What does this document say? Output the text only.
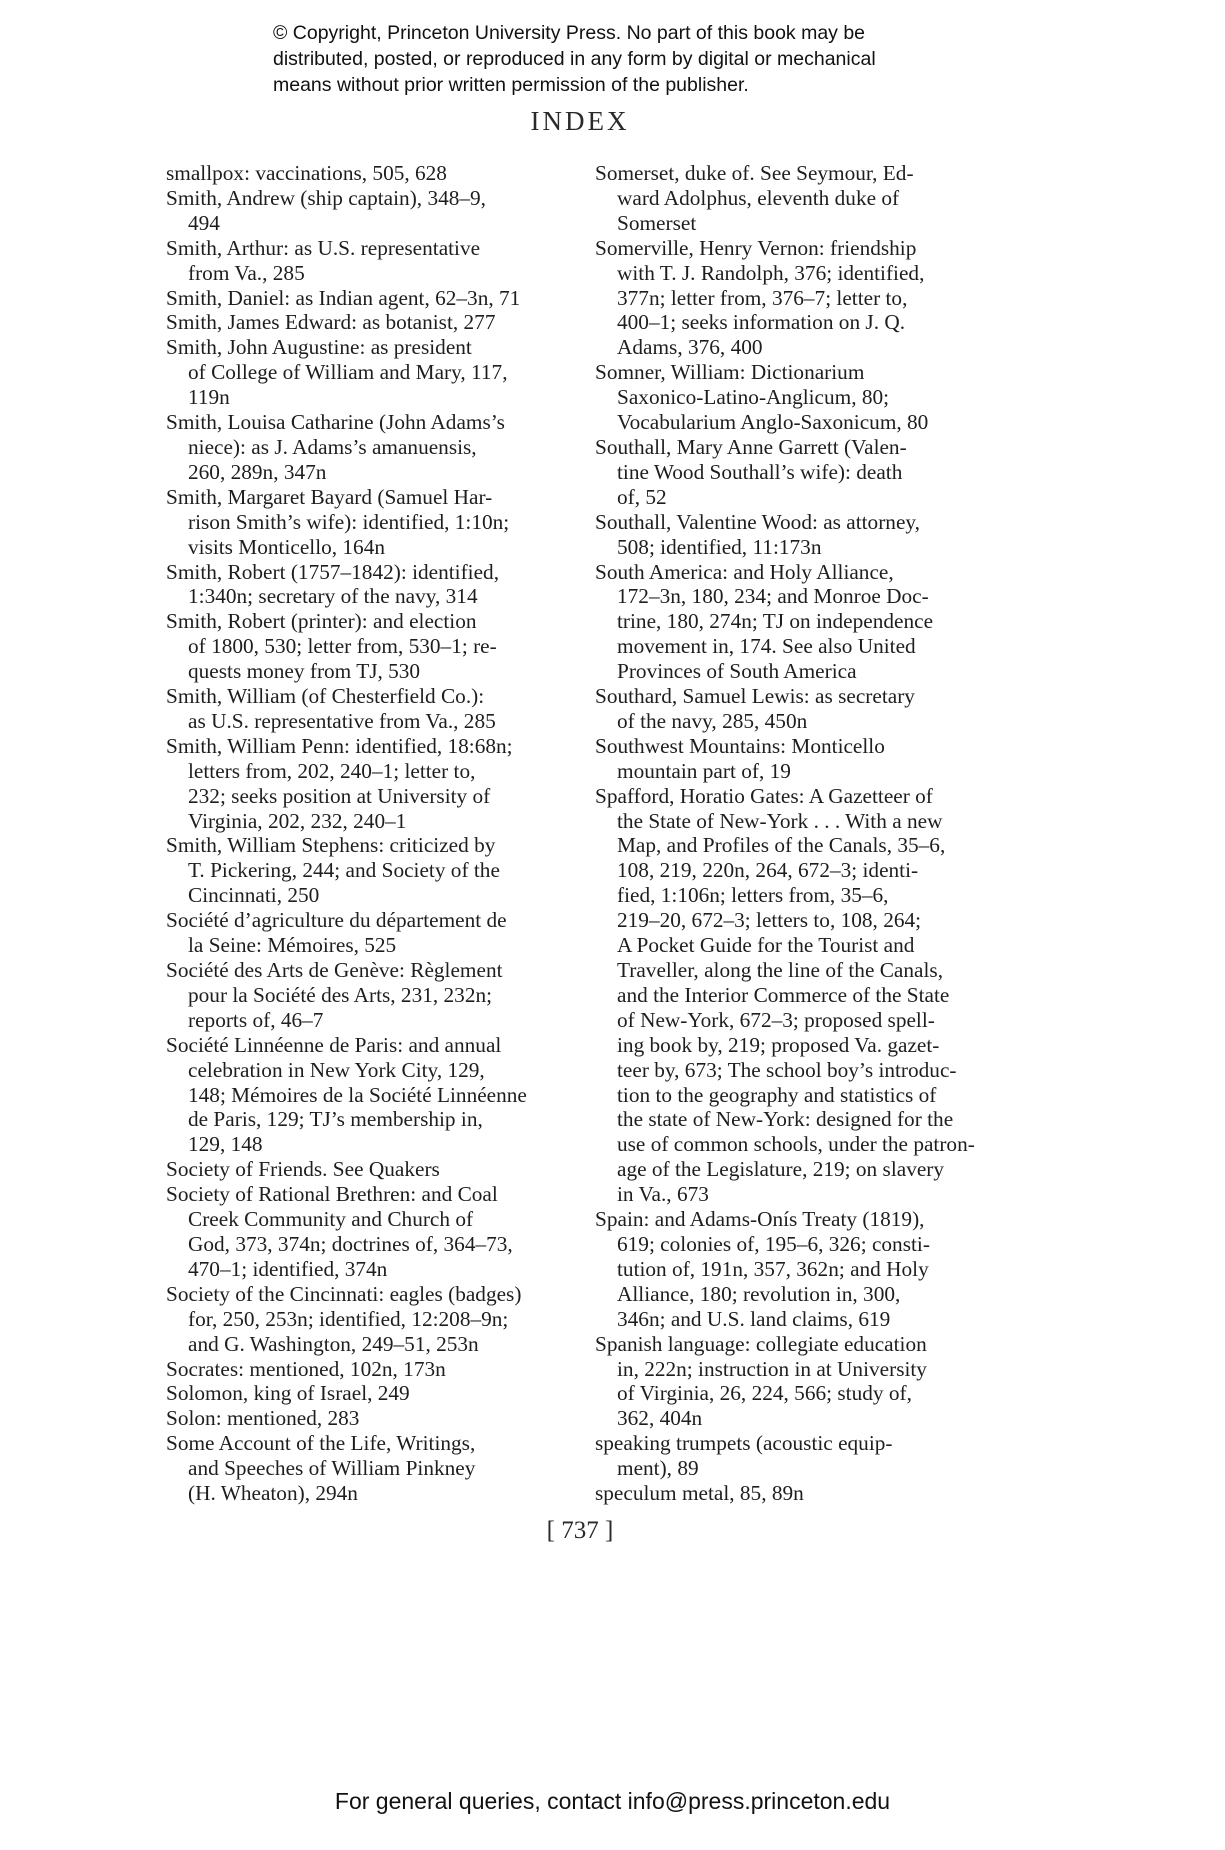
© Copyright, Princeton University Press. No part of this book may be
distributed, posted, or reproduced in any form by digital or mechanical
means without prior written permission of the publisher.
INDEX
smallpox: vaccinations, 505, 628
Smith, Andrew (ship captain), 348–9,
494
Smith, Arthur: as U.S. representative
from Va., 285
Smith, Daniel: as Indian agent, 62–3n, 71
Smith, James Edward: as botanist, 277
Smith, John Augustine: as president
of College of William and Mary, 117,
119n
Smith, Louisa Catharine (John Adams’s
niece): as J. Adams’s amanuensis,
260, 289n, 347n
Smith, Margaret Bayard (Samuel Har-
rison Smith’s wife): identified, 1:10n;
visits Monticello, 164n
Smith, Robert (1757–1842): identified,
1:340n; secretary of the navy, 314
Smith, Robert (printer): and election
of 1800, 530; letter from, 530–1; re-
quests money from TJ, 530
Smith, William (of Chesterfield Co.):
as U.S. representative from Va., 285
Smith, William Penn: identified, 18:68n;
letters from, 202, 240–1; letter to,
232; seeks position at University of
Virginia, 202, 232, 240–1
Smith, William Stephens: criticized by
T. Pickering, 244; and Society of the
Cincinnati, 250
Société d’agriculture du département de
la Seine: Mémoires, 525
Société des Arts de Genève: Règlement
pour la Société des Arts, 231, 232n;
reports of, 46–7
Société Linnéenne de Paris: and annual
celebration in New York City, 129,
148; Mémoires de la Société Linnéenne
de Paris, 129; TJ’s membership in,
129, 148
Society of Friends. See Quakers
Society of Rational Brethren: and Coal
Creek Community and Church of
God, 373, 374n; doctrines of, 364–73,
470–1; identified, 374n
Society of the Cincinnati: eagles (badges)
for, 250, 253n; identified, 12:208–9n;
and G. Washington, 249–51, 253n
Socrates: mentioned, 102n, 173n
Solomon, king of Israel, 249
Solon: mentioned, 283
Some Account of the Life, Writings,
and Speeches of William Pinkney
(H. Wheaton), 294n
Somerset, duke of. See Seymour, Ed-
ward Adolphus, eleventh duke of
Somerset
Somerville, Henry Vernon: friendship
with T. J. Randolph, 376; identified,
377n; letter from, 376–7; letter to,
400–1; seeks information on J. Q.
Adams, 376, 400
Somner, William: Dictionarium
Saxonico-Latino-Anglicum, 80;
Vocabularium Anglo-Saxonicum, 80
Southall, Mary Anne Garrett (Valen-
tine Wood Southall’s wife): death
of, 52
Southall, Valentine Wood: as attorney,
508; identified, 11:173n
South America: and Holy Alliance,
172–3n, 180, 234; and Monroe Doc-
trine, 180, 274n; TJ on independence
movement in, 174. See also United
Provinces of South America
Southard, Samuel Lewis: as secretary
of the navy, 285, 450n
Southwest Mountains: Monticello
mountain part of, 19
Spafford, Horatio Gates: A Gazetteer of
the State of New-York . . . With a new
Map, and Profiles of the Canals, 35–6,
108, 219, 220n, 264, 672–3; identi-
fied, 1:106n; letters from, 35–6,
219–20, 672–3; letters to, 108, 264;
A Pocket Guide for the Tourist and
Traveller, along the line of the Canals,
and the Interior Commerce of the State
of New-York, 672–3; proposed spell-
ing book by, 219; proposed Va. gazet-
teer by, 673; The school boy’s introduc-
tion to the geography and statistics of
the state of New-York: designed for the
use of common schools, under the patron-
age of the Legislature, 219; on slavery
in Va., 673
Spain: and Adams-Onís Treaty (1819),
619; colonies of, 195–6, 326; consti-
tution of, 191n, 357, 362n; and Holy
Alliance, 180; revolution in, 300,
346n; and U.S. land claims, 619
Spanish language: collegiate education
in, 222n; instruction in at University
of Virginia, 26, 224, 566; study of,
362, 404n
speaking trumpets (acoustic equip-
ment), 89
speculum metal, 85, 89n
[ 737 ]
For general queries, contact info@press.princeton.edu
